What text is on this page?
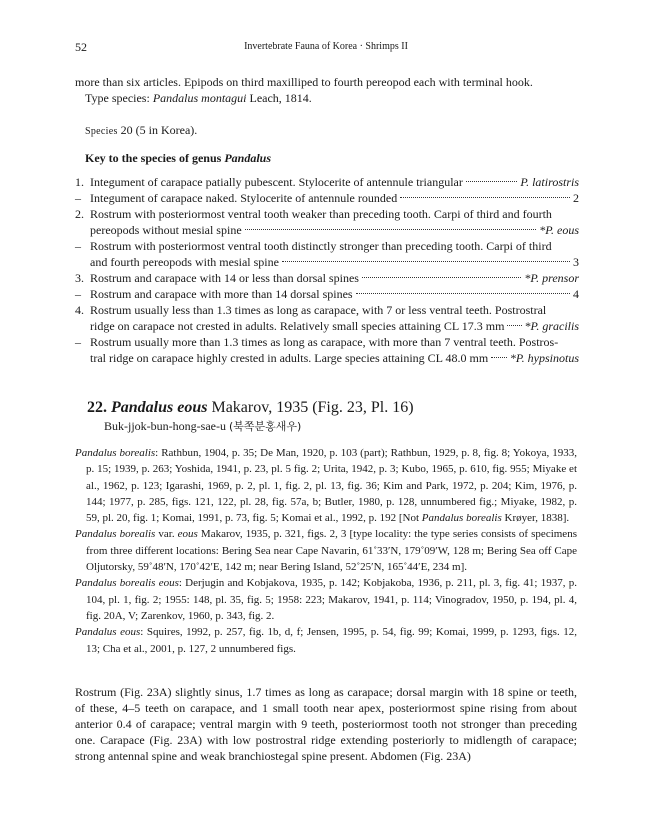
52	Invertebrate Fauna of Korea · Shrimps II
more than six articles. Epipods on third maxilliped to fourth pereopod each with terminal hook.
Type species: Pandalus montagui Leach, 1814.
Species 20 (5 in Korea).
Key to the species of genus Pandalus
1. Integument of carapace patially pubescent. Stylocerite of antennule triangular	P. latirostris
– Integument of carapace naked. Stylocerite of antennule rounded	2
2. Rostrum with posteriormost ventral tooth weaker than preceding tooth. Carpi of third and fourth
pereopods without mesial spine	*P. eous
– Rostrum with posteriormost ventral tooth distinctly stronger than preceding tooth. Carpi of third
and fourth pereopods with mesial spine	3
3. Rostrum and carapace with 14 or less than dorsal spines	*P. prensor
– Rostrum and carapace with more than 14 dorsal spines	4
4. Rostrum usually less than 1.3 times as long as carapace, with 7 or less ventral teeth. Postrostral
ridge on carapace not crested in adults. Relatively small species attaining CL 17.3 mm *P. gracilis
– Rostrum usually more than 1.3 times as long as carapace, with more than 7 ventral teeth. Postros-
tral ridge on carapace highly crested in adults. Large species attaining CL 48.0 mm *P. hypsinotus
22. Pandalus eous Makarov, 1935 (Fig. 23, Pl. 16)
Buk-jjok-bun-hong-sae-u (북쪽분홍새우)
Pandalus borealis: Rathbun, 1904, p. 35; De Man, 1920, p. 103 (part); Rathbun, 1929, p. 8, fig. 8; Yokoya, 1933, p. 15; 1939, p. 263; Yoshida, 1941, p. 23, pl. 5 fig. 2; Urita, 1942, p. 3; Kubo, 1965, p. 610, fig. 955; Miyake et al., 1962, p. 123; Igarashi, 1969, p. 2, pl. 1, fig. 2, pl. 13, fig. 36; Kim and Park, 1972, p. 204; Kim, 1976, p. 144; 1977, p. 285, figs. 121, 122, pl. 28, fig. 57a, b; Butler, 1980, p. 128, unnumbered fig.; Miyake, 1982, p. 59, pl. 20, fig. 1; Komai, 1991, p. 73, fig. 5; Komai et al., 1992, p. 192 [Not Pandalus borealis Krøyer, 1838].
Pandalus borealis var. eous Makarov, 1935, p. 321, figs. 2, 3 [type locality: the type series consists of specimens from three different locations: Bering Sea near Cape Navarin, 61˚33′N, 179˚09′W, 128 m; Bering Sea off Cape Oljutorsky, 59˚48′N, 170˚42′E, 142 m; near Bering Island, 52˚25′N, 165˚44′E, 234 m].
Pandalus borealis eous: Derjugin and Kobjakova, 1935, p. 142; Kobjakoba, 1936, p. 211, pl. 3, fig. 41; 1937, p. 104, pl. 1, fig. 2; 1955: 148, pl. 35, fig. 5; 1958: 223; Makarov, 1941, p. 114; Vinogradov, 1950, p. 194, pl. 4, fig. 20A, V; Zarenkov, 1960, p. 343, fig. 2.
Pandalus eous: Squires, 1992, p. 257, fig. 1b, d, f; Jensen, 1995, p. 54, fig. 99; Komai, 1999, p. 1293, figs. 12, 13; Cha et al., 2001, p. 127, 2 unnumbered figs.
Rostrum (Fig. 23A) slightly sinus, 1.7 times as long as carapace; dorsal margin with 18 spine or teeth, of these, 4–5 teeth on carapace, and 1 small tooth near apex, posteriormost spine rising from about anterior 0.4 of carapace; ventral margin with 9 teeth, posteriormost tooth not stronger than preceding one. Carapace (Fig. 23A) with low postrostral ridge extending posteriorly to midlength of carapace; strong antennal spine and weak branchiostegal spine present. Abdomen (Fig. 23A)
